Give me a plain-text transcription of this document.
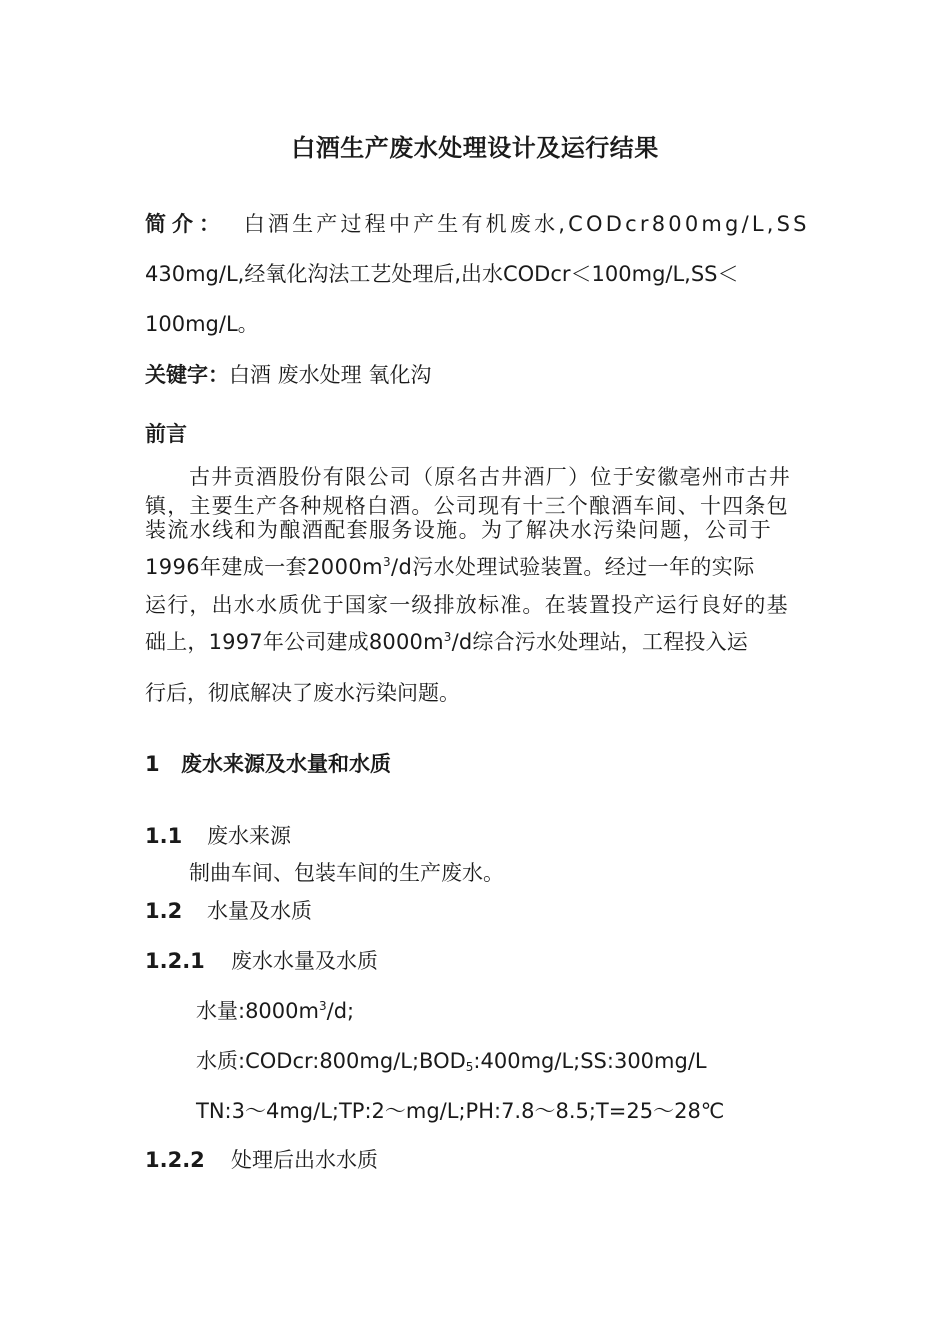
白酒生产废水处理设计及运行结果
简介： 白酒生产过程中产生有机废水,CODcr800mg/L,SS
430mg/L,经氧化沟法工艺处理后,出水CODcr＜100mg/L,SS＜
100mg/L。
关键字：白酒 废水处理 氧化沟
前言
古井贡酒股份有限公司（原名古井酒厂）位于安徽亳州市古井
镇，主要生产各种规格白酒。公司现有十三个酿酒车间、十四条包
装流水线和为酿酒配套服务设施。为了解决水污染问题，公司于
1996年建成一套$2000m^3/d$污水处理试验装置。经过一年的实际
运行，出水水质优于国家一级排放标准。在装置投产运行良好的基
础上，1997年公司建成$8000m^3/d$综合污水处理站，工程投入运
行后，彻底解决了废水污染问题。
1 废水来源及水量和水质
1.1 废水来源
制曲车间、包装车间的生产废水。
1.2 水量及水质
1.2.1 废水水量及水质
水量$:8000m^3/d$;
水质$:CODcr:800mg/L;BOD_5:400mg/L;SS:300mg/L$
TN:3～4mg/L;TP:2～mg/L;PH:7.8～8.5;T=25～28℃
1.2.2 处理后出水水质
